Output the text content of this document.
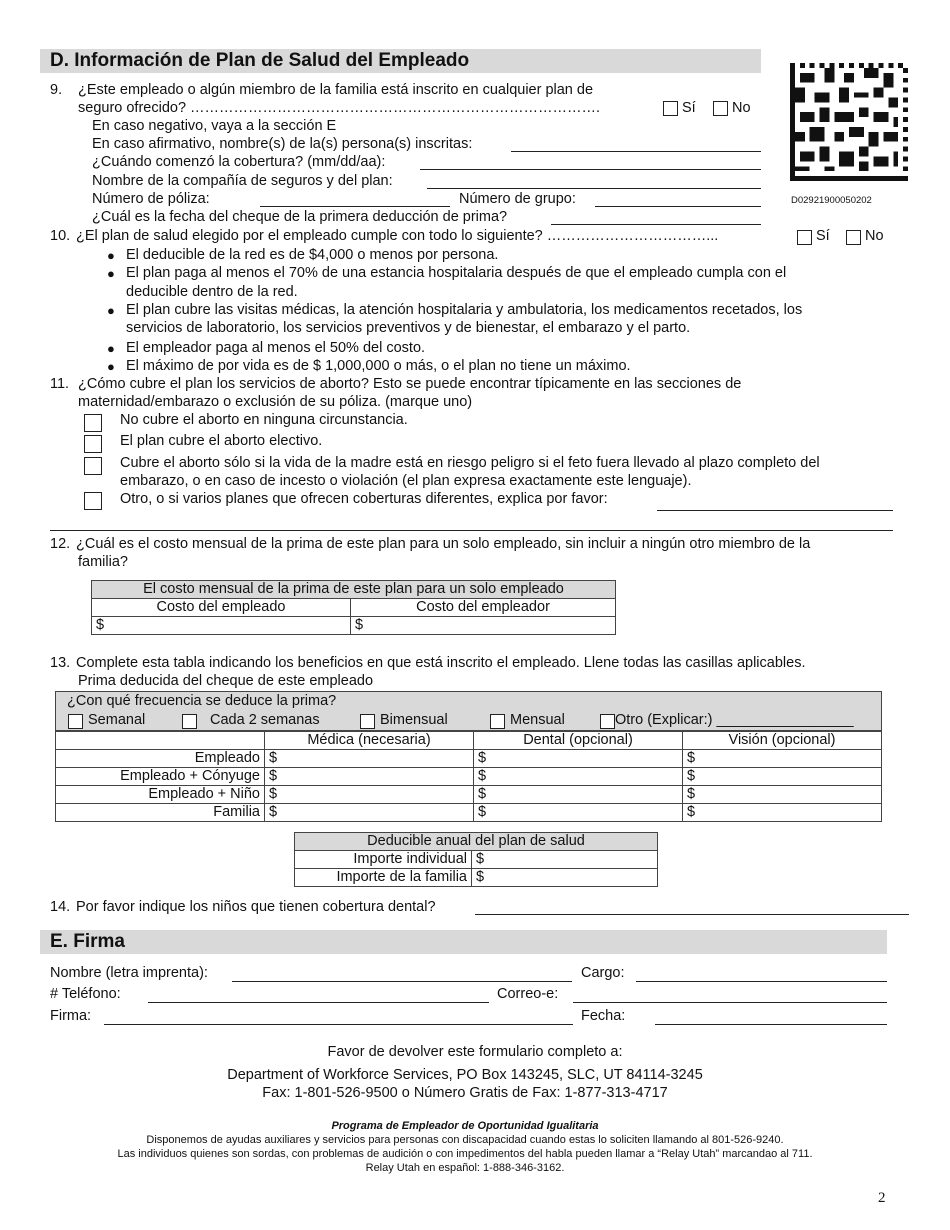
D. Información de Plan de Salud del Empleado
D02921900050202
9. ¿Este empleado o algún miembro de la familia está inscrito en cualquier plan de
seguro ofrecido? ………………………………………………………………………….	Sí	No
En caso negativo, vaya a la sección E
En caso afirmativo, nombre(s) de la(s) persona(s) inscritas:
¿Cuándo comenzó la cobertura? (mm/dd/aa):
Nombre de la compañía de seguros y del plan:
Número de póliza:	Número de grupo:
¿Cuál es la fecha del cheque de la primera deducción de prima?
10. ¿El plan de salud elegido por el empleado cumple con todo lo siguiente? ……………………………...	Sí No
● El deducible de la red es de $4,000 o menos por persona.
● El plan paga al menos el 70% de una estancia hospitalaria después de que el empleado cumpla con el
deducible dentro de la red.
● El plan cubre las visitas médicas, la atención hospitalaria y ambulatoria, los medicamentos recetados, los
servicios de laboratorio, los servicios preventivos y de bienestar, el embarazo y el parto.
● El empleador paga al menos el 50% del costo.
● El máximo de por vida es de $ 1,000,000 o más, o el plan no tiene un máximo.
11. ¿Cómo cubre el plan los servicios de aborto? Esto se puede encontrar típicamente en las secciones de
maternidad/embarazo o exclusión de su póliza. (marque uno)
No cubre el aborto en ninguna circunstancia.
El plan cubre el aborto electivo.
Cubre el aborto sólo si la vida de la madre está en riesgo peligro si el feto fuera llevado al plazo completo del
embarazo, o en caso de incesto o violación (el plan expresa exactamente este lenguaje).
Otro, o si varios planes que ofrecen coberturas diferentes, explica por favor:
12. ¿Cuál es el costo mensual de la prima de este plan para un solo empleado, sin incluir a ningún otro miembro de la
familia?
El costo mensual de la prima de este plan para un solo empleado	
Costo del empleado	Costo del empleador
$	$
13. Complete esta tabla indicando los beneficios en que está inscrito el empleado. Llene todas las casillas aplicables.
Prima deducida del cheque de este empleado
¿Con qué frecuencia se deduce la prima?
Semanal	Cada 2 semanas	Bimensual	Mensual	Otro (Explicar:) _________________
	Médica (necesaria)	Dental (opcional)	Visión (opcional)
Empleado	$	$	$
Empleado + Cónyuge	$	$	$
Empleado + Niño	$	$	$
Familia	$	$	$
Deducible anual del plan de salud	
Importe individual	$
Importe de la familia	$
14. Por favor indique los niños que tienen cobertura dental?
E. Firma
Nombre (letra imprenta):	Cargo:
# Teléfono:	Correo-e:
Firma:	Fecha:
Favor de devolver este formulario completo a:
Department of Workforce Services, PO Box 143245, SLC, UT 84114-3245
Fax: 1-801-526-9500 o Número Gratis de Fax: 1-877-313-4717
Programa de Empleador de Oportunidad Igualitaria
Disponemos de ayudas auxiliares y servicios para personas con discapacidad cuando estas lo soliciten llamando al 801-526-9240.
Las individuos quienes son sordas, con problemas de audición o con impedimentos del habla pueden llamar a “Relay Utah” marcandao al 711.
Relay Utah en español: 1-888-346-3162.
2
